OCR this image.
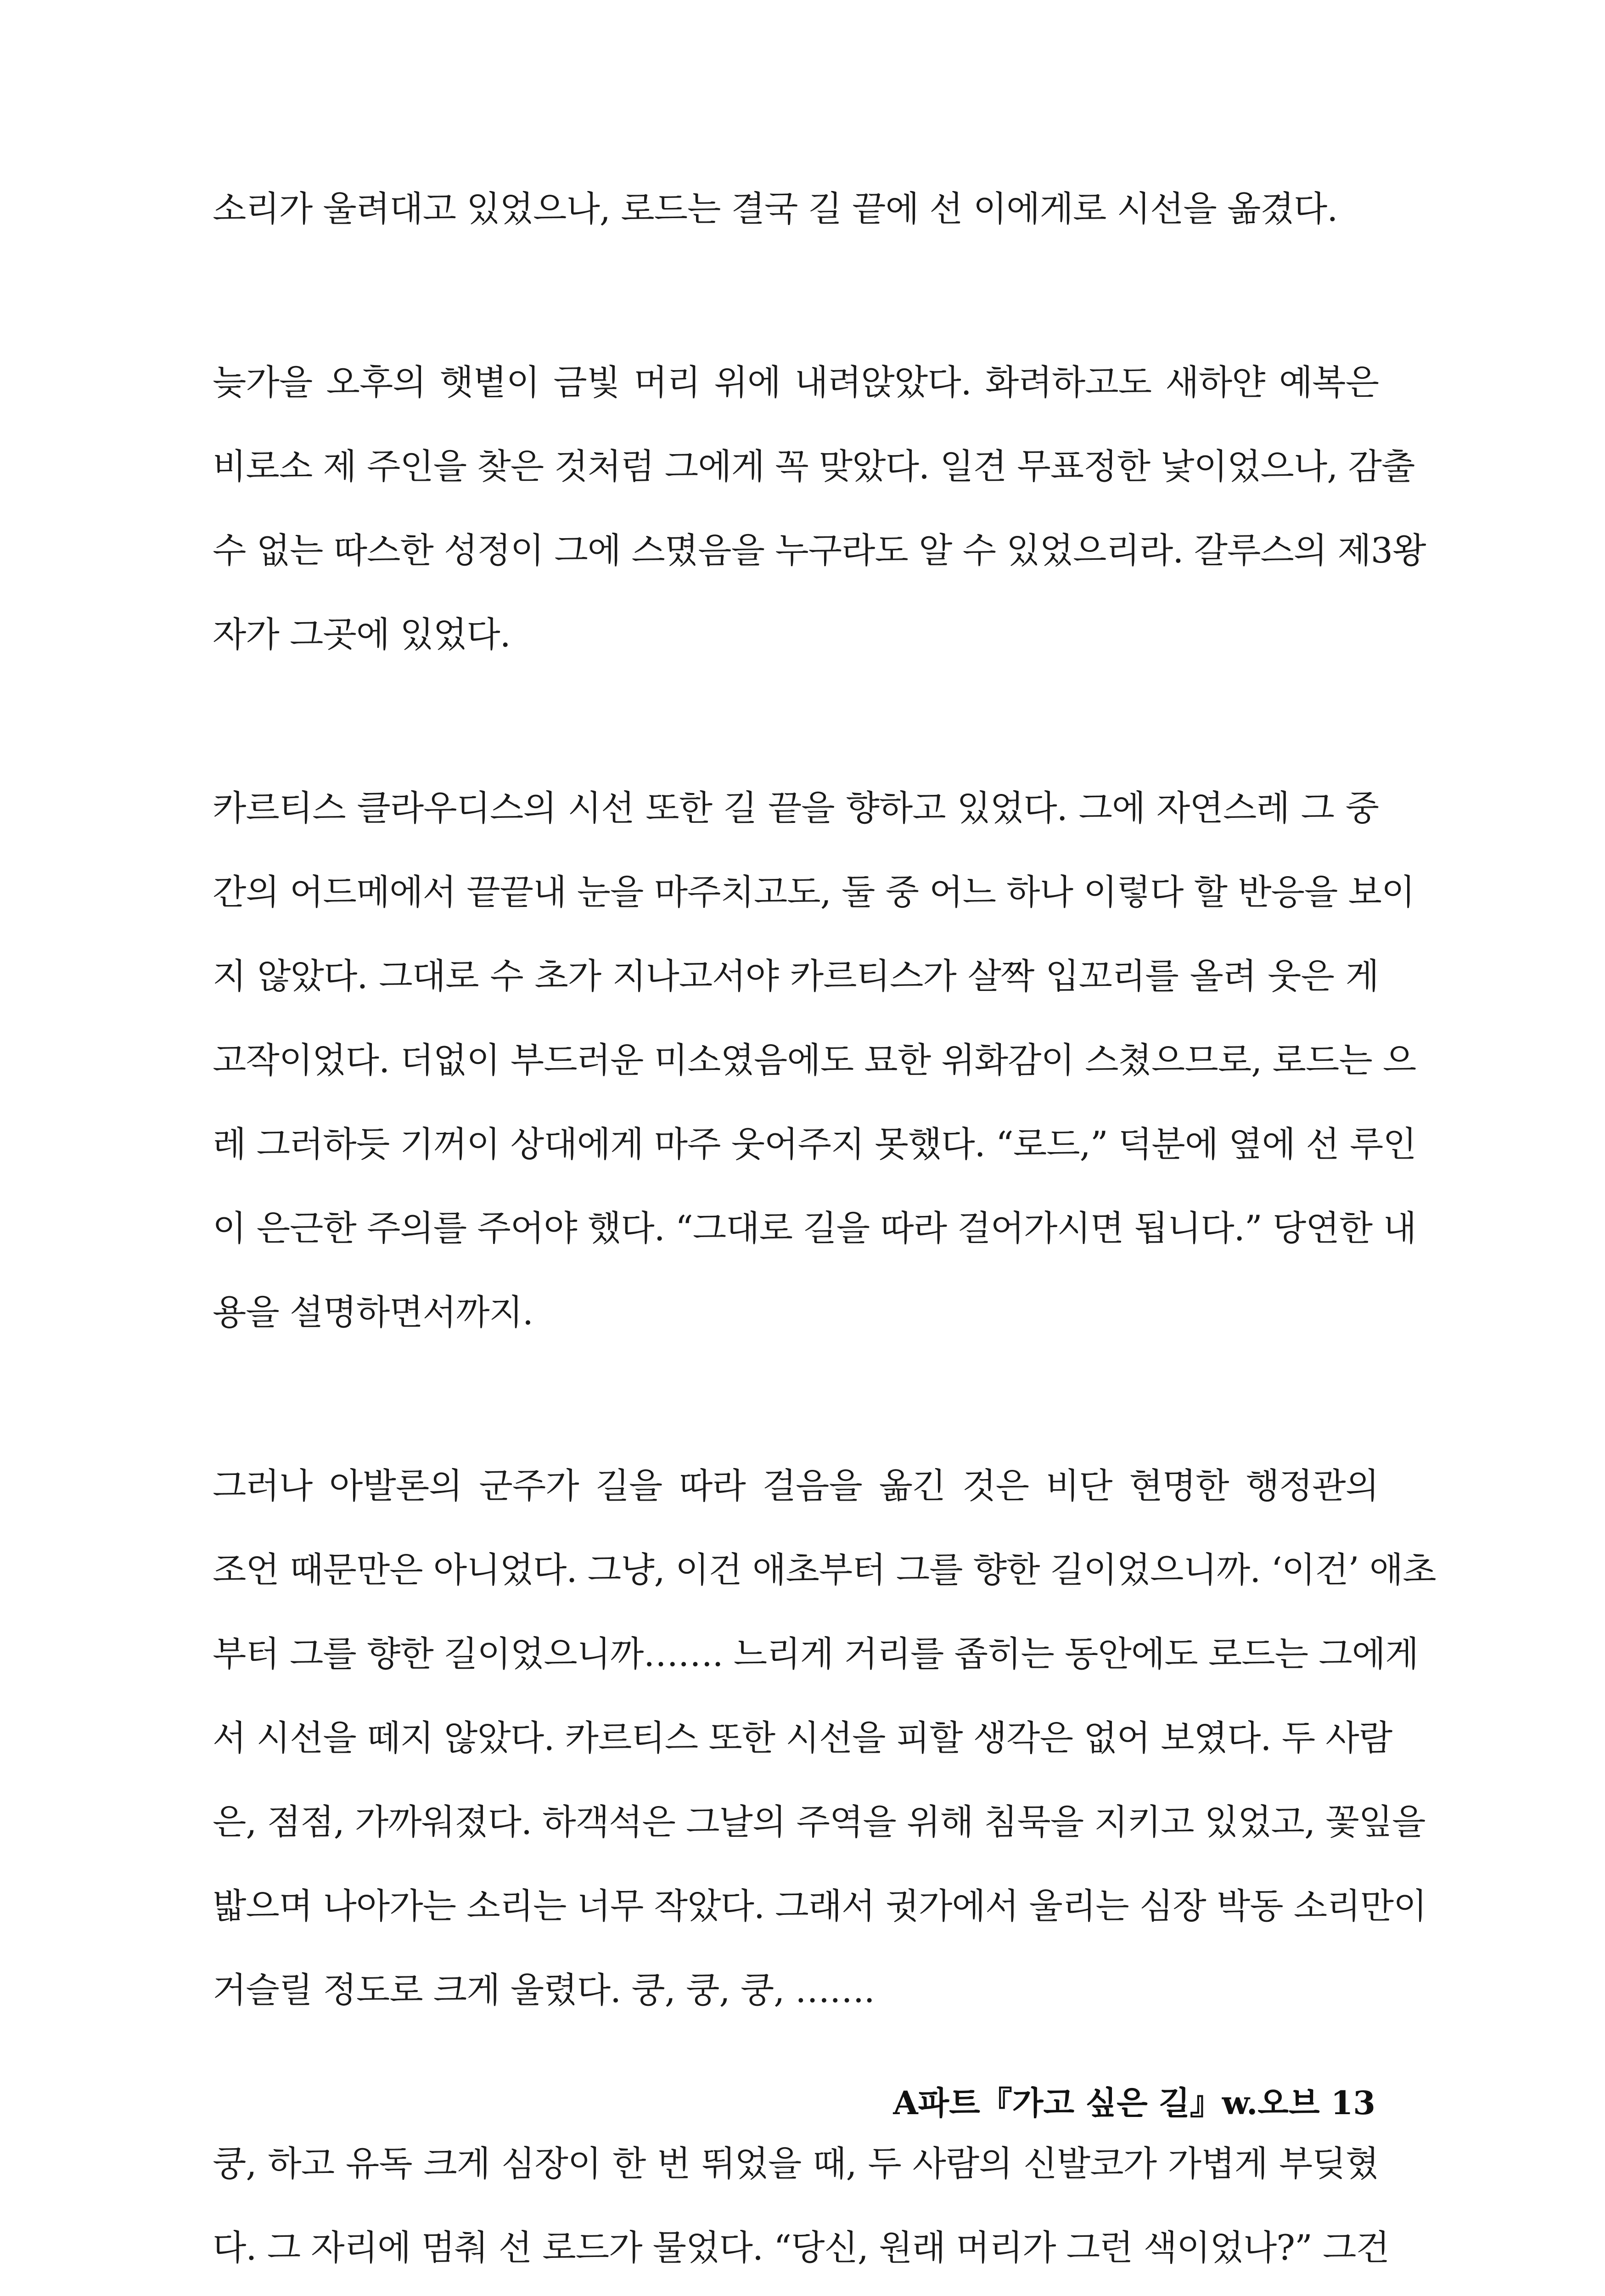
소리가 울려대고 있었으나, 로드는 결국 길 끝에 선 이에게로 시선을 옮겼다.
늦가을 오후의 햇볕이 금빛 머리 위에 내려앉았다. 화려하고도 새하얀 예복은
비로소 제 주인을 찾은 것처럼 그에게 꼭 맞았다. 일견 무표정한 낯이었으나, 감출
수 없는 따스한 성정이 그에 스몄음을 누구라도 알 수 있었으리라. 갈루스의 제3왕
자가 그곳에 있었다.
카르티스 클라우디스의 시선 또한 길 끝을 향하고 있었다. 그에 자연스레 그 중
간의 어드메에서 끝끝내 눈을 마주치고도, 둘 중 어느 하나 이렇다 할 반응을 보이
지 않았다. 그대로 수 초가 지나고서야 카르티스가 살짝 입꼬리를 올려 웃은 게
고작이었다. 더없이 부드러운 미소였음에도 묘한 위화감이 스쳤으므로, 로드는 으
레 그러하듯 기꺼이 상대에게 마주 웃어주지 못했다. “로드,” 덕분에 옆에 선 루인
이 은근한 주의를 주어야 했다. “그대로 길을 따라 걸어가시면 됩니다.” 당연한 내
용을 설명하면서까지.
그러나 아발론의 군주가 길을 따라 걸음을 옮긴 것은 비단 현명한 행정관의
조언 때문만은 아니었다. 그냥, 이건 애초부터 그를 향한 길이었으니까. ‘이건’ 애초
부터 그를 향한 길이었으니까……. 느리게 거리를 좁히는 동안에도 로드는 그에게
서 시선을 떼지 않았다. 카르티스 또한 시선을 피할 생각은 없어 보였다. 두 사람
은, 점점, 가까워졌다. 하객석은 그날의 주역을 위해 침묵을 지키고 있었고, 꽃잎을
밟으며 나아가는 소리는 너무 작았다. 그래서 귓가에서 울리는 심장 박동 소리만이
거슬릴 정도로 크게 울렸다. 쿵, 쿵, 쿵, …….
쿵, 하고 유독 크게 심장이 한 번 뛰었을 때, 두 사람의 신발코가 가볍게 부딪혔
다. 그 자리에 멈춰 선 로드가 물었다. “당신, 원래 머리가 그런 색이었나?” 그건
A파트『가고 싶은 길』w.오브 13
